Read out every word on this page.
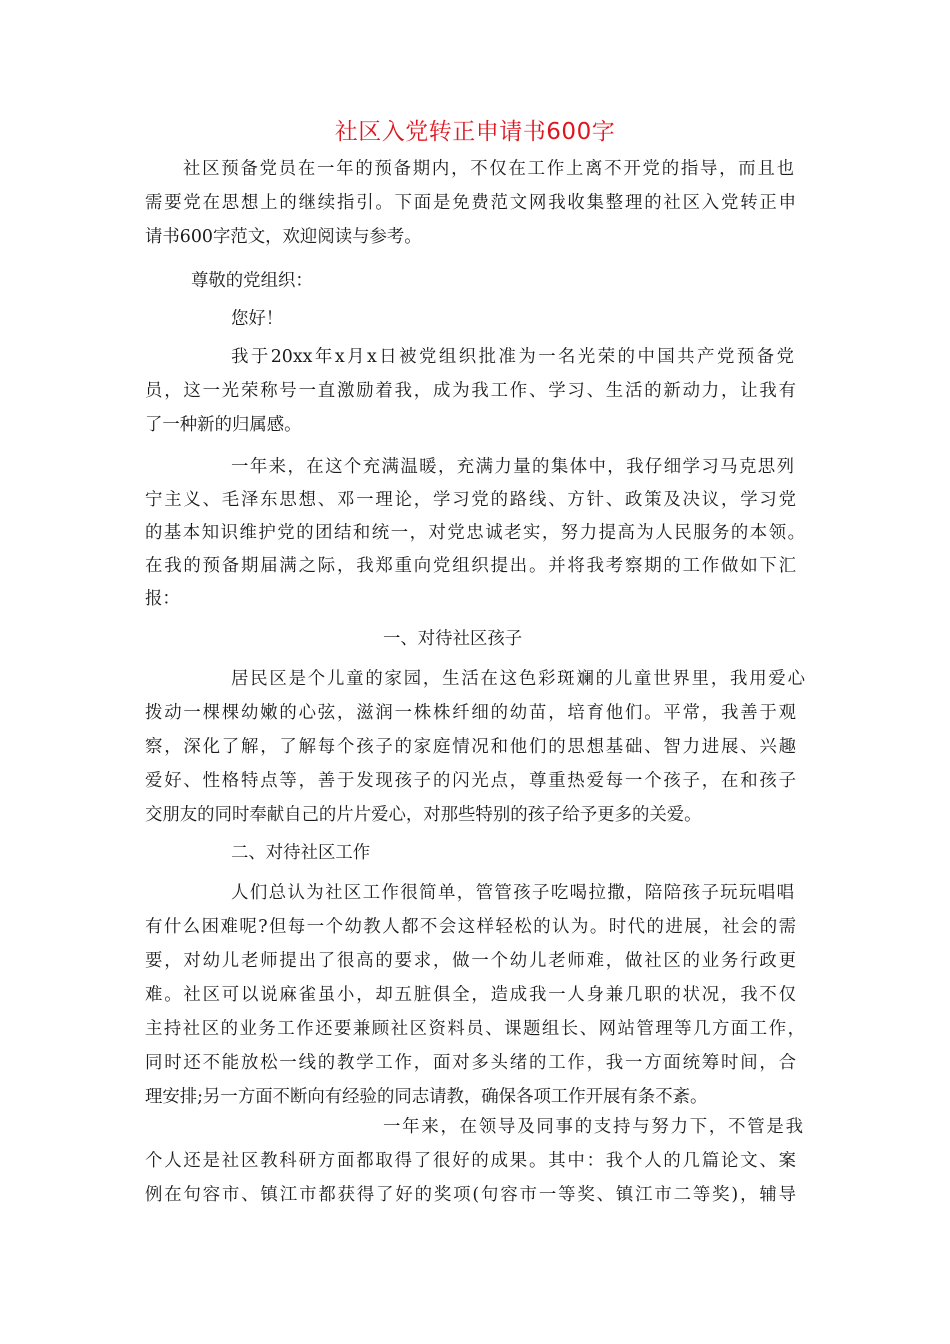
社区入党转正申请书600字
社区预备党员在一年的预备期内，不仅在工作上离不开党的指导，而且也
需要党在思想上的继续指引。下面是免费范文网我收集整理的社区入党转正申
请书600字范文，欢迎阅读与参考。
尊敬的党组织：
您好！
我于20xx年x月x日被党组织批准为一名光荣的中国共产党预备党
员，这一光荣称号一直激励着我，成为我工作、学习、生活的新动力，让我有
了一种新的归属感。
一年来，在这个充满温暖，充满力量的集体中，我仔细学习马克思列
宁主义、毛泽东思想、邓一理论，学习党的路线、方针、政策及决议，学习党
的基本知识维护党的团结和统一，对党忠诚老实，努力提高为人民服务的本领。
在我的预备期届满之际，我郑重向党组织提出。并将我考察期的工作做如下汇
报：
一、对待社区孩子
居民区是个儿童的家园，生活在这色彩斑斓的儿童世界里，我用爱心
拨动一棵棵幼嫩的心弦，滋润一株株纤细的幼苗，培育他们。平常，我善于观
察，深化了解，了解每个孩子的家庭情况和他们的思想基础、智力进展、兴趣
爱好、性格特点等，善于发现孩子的闪光点，尊重热爱每一个孩子，在和孩子
交朋友的同时奉献自己的片片爱心，对那些特别的孩子给予更多的关爱。
二、对待社区工作
人们总认为社区工作很简单，管管孩子吃喝拉撒，陪陪孩子玩玩唱唱
有什么困难呢?但每一个幼教人都不会这样轻松的认为。时代的进展，社会的需
要，对幼儿老师提出了很高的要求，做一个幼儿老师难，做社区的业务行政更
难。社区可以说麻雀虽小，却五脏俱全，造成我一人身兼几职的状况，我不仅
主持社区的业务工作还要兼顾社区资料员、课题组长、网站管理等几方面工作，
同时还不能放松一线的教学工作，面对多头绪的工作，我一方面统筹时间，合
理安排;另一方面不断向有经验的同志请教，确保各项工作开展有条不紊。
一年来，在领导及同事的支持与努力下，不管是我
个人还是社区教科研方面都取得了很好的成果。其中：我个人的几篇论文、案
例在句容市、镇江市都获得了好的奖项(句容市一等奖、镇江市二等奖)，辅导
